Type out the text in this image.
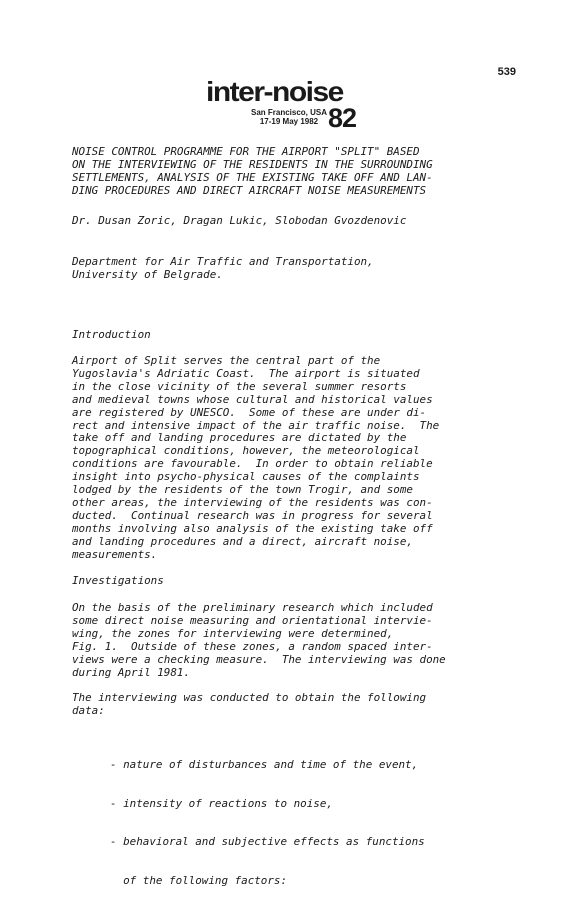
539
inter-noise
San Francisco, USA
17-19 May 1982 82
NOISE CONTROL PROGRAMME FOR THE AIRPORT "SPLIT" BASED
ON THE INTERVIEWING OF THE RESIDENTS IN THE SURROUNDING
SETTLEMENTS, ANALYSIS OF THE EXISTING TAKE OFF AND LAN-
DING PROCEDURES AND DIRECT AIRCRAFT NOISE MEASUREMENTS
Dr. Dusan Zoric, Dragan Lukic, Slobodan Gvozdenovic
Department for Air Traffic and Transportation,
University of Belgrade.
Introduction
Airport of Split serves the central part of the
Yugoslavia's Adriatic Coast.  The airport is situated
in the close vicinity of the several summer resorts
and medieval towns whose cultural and historical values
are registered by UNESCO.  Some of these are under di-
rect and intensive impact of the air traffic noise.  The
take off and landing procedures are dictated by the
topographical conditions, however, the meteorological
conditions are favourable.  In order to obtain reliable
insight into psycho-physical causes of the complaints
lodged by the residents of the town Trogir, and some
other areas, the interviewing of the residents was con-
ducted.  Continual research was in progress for several
months involving also analysis of the existing take off
and landing procedures and a direct, aircraft noise,
measurements.
Investigations
On the basis of the preliminary research which included
some direct noise measuring and orientational intervie-
wing, the zones for interviewing were determined,
Fig. 1.  Outside of these zones, a random spaced inter-
views were a checking measure.  The interviewing was done
during April 1981.
The interviewing was conducted to obtain the following
data:

- nature of disturbances and time of the event,

- intensity of reactions to noise,

- behavioral and subjective effects as functions

of the following factors:
